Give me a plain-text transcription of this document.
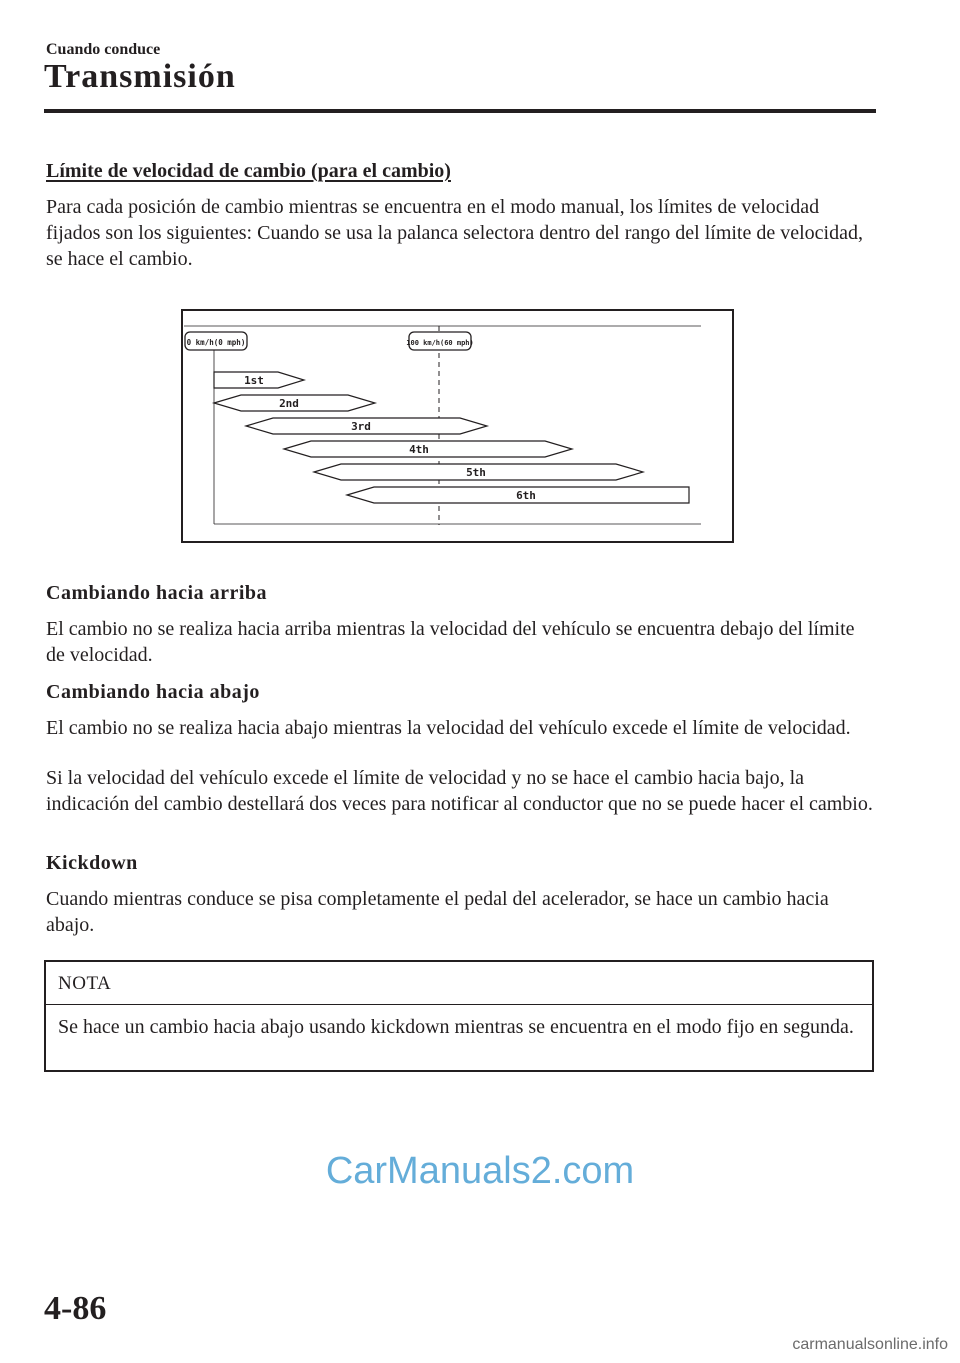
Cuando conduce
Transmisión
Límite de velocidad de cambio (para el cambio)

Para cada posición de cambio mientras se encuentra en el modo manual, los límites de velocidad fijados son los siguientes: Cuando se usa la palanca selectora dentro del rango del límite de velocidad, se hace el cambio.

0 km/h(0 mph)	100 km/h(60 mph)
1st
2nd
3rd
4th
5th
6th
Cambiando hacia arriba

El cambio no se realiza hacia arriba mientras la velocidad del vehículo se encuentra debajo del límite de velocidad.

Cambiando hacia abajo

El cambio no se realiza hacia abajo mientras la velocidad del vehículo excede el límite de velocidad.

Si la velocidad del vehículo excede el límite de velocidad y no se hace el cambio hacia bajo, la indicación del cambio destellará dos veces para notificar al conductor que no se puede hacer el cambio.

Kickdown

Cuando mientras conduce se pisa completamente el pedal del acelerador, se hace un cambio hacia abajo.

NOTA

Se hace un cambio hacia abajo usando kickdown mientras se encuentra en el modo fijo en segunda.

CarManuals2.com
4-86
carmanualsonline.info
